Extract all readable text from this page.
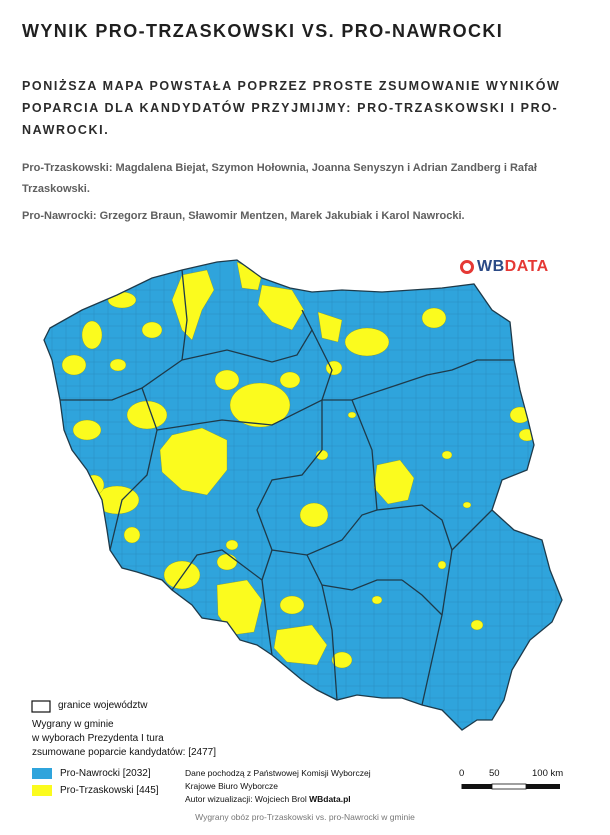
WYNIK PRO-TRZASKOWSKI VS. PRO-NAWROCKI
PONIŻSZA MAPA POWSTAŁA POPRZEZ PROSTE ZSUMOWANIE WYNIKÓW POPARCIA DLA KANDYDATÓW PRZYJMIJMY: PRO-TRZASKOWSKI I PRO-NAWROCKI.
Pro-Trzaskowski: Magdalena Biejat, Szymon Hołownia, Joanna Senyszyn i Adrian Zandberg i Rafał Trzaskowski.
Pro-Nawrocki: Grzegorz Braun, Sławomir Mentzen, Marek Jakubiak i Karol Nawrocki.
WB DATA
granice województw
Wygrany w gminie
w wyborach Prezydenta I tura
zsumowane poparcie kandydatów: [2477]
Pro-Nawrocki [2032]
Pro-Trzaskowski [445]
Dane pochodzą z Państwowej Komisji Wyborczej
Krajowe Biuro Wyborcze
Autor wizualizacji: Wojciech Brol WBdata.pl
0	50	100 km
Wygrany obóz pro-Trzaskowski vs. pro-Nawrocki w gminie
